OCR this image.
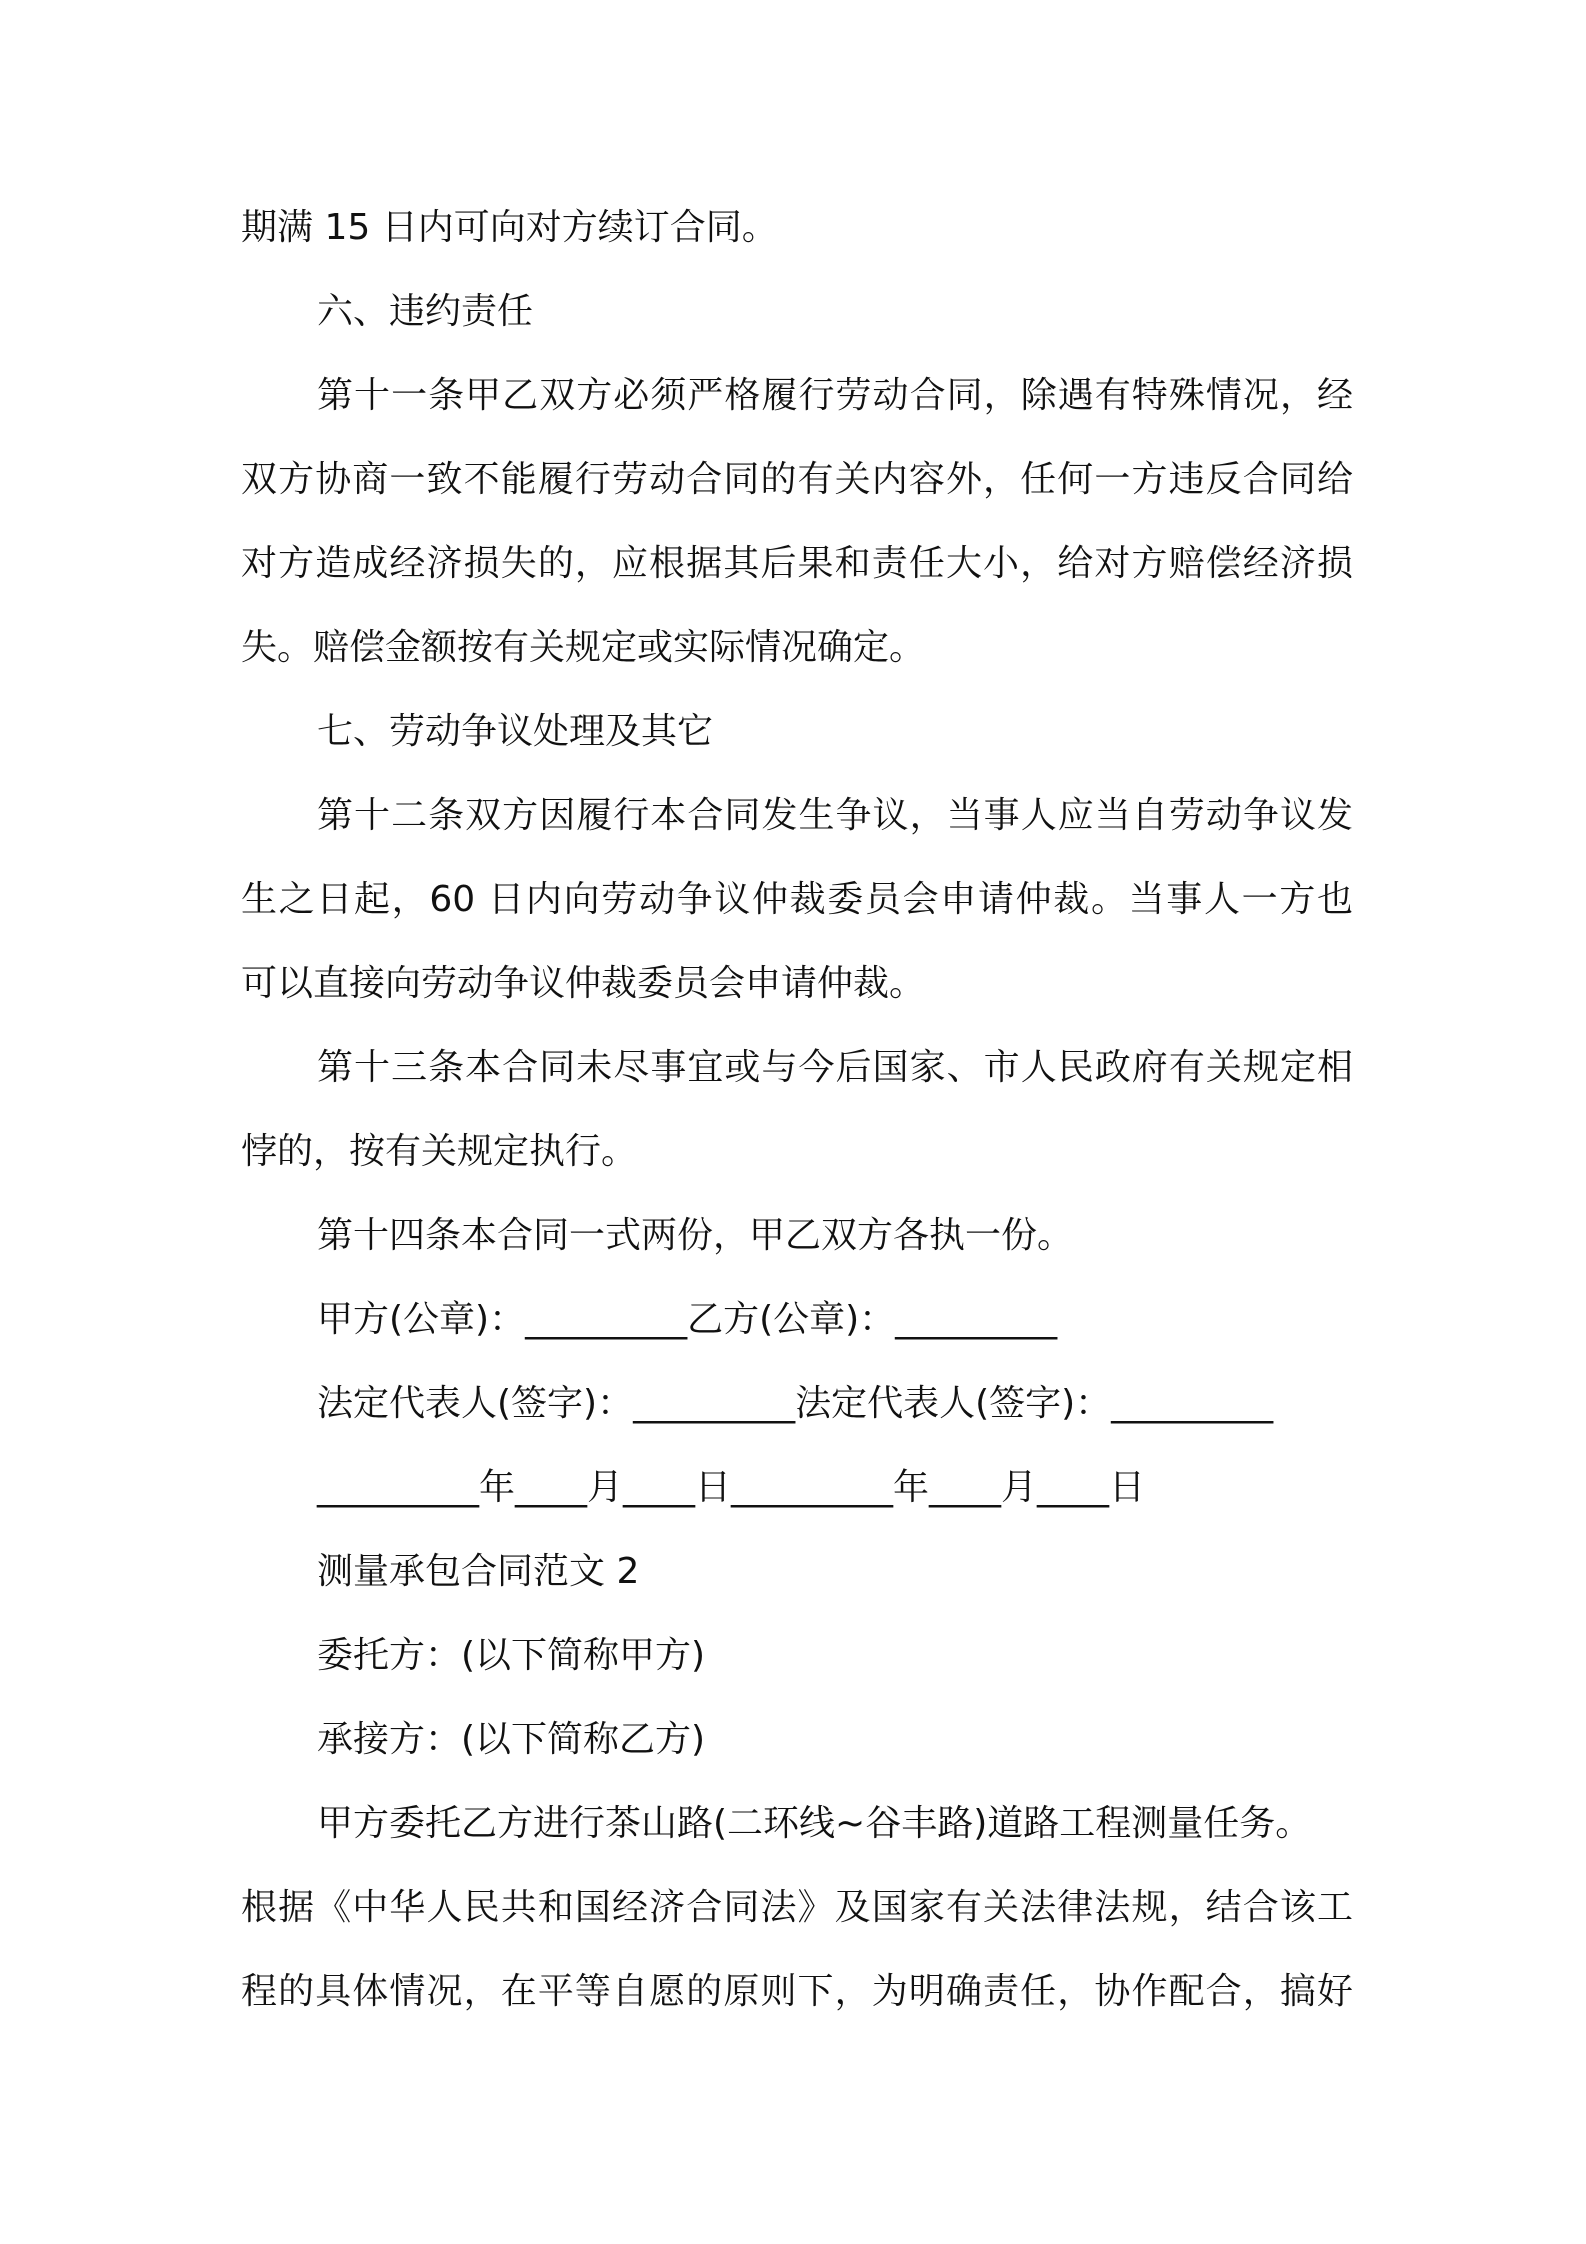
期满 15 日内可向对方续订合同。
六、违约责任
第十一条甲乙双方必须严格履行劳动合同，除遇有特殊情况，经
双方协商一致不能履行劳动合同的有关内容外，任何一方违反合同给
对方造成经济损失的，应根据其后果和责任大小，给对方赔偿经济损
失。赔偿金额按有关规定或实际情况确定。
七、劳动争议处理及其它
第十二条双方因履行本合同发生争议，当事人应当自劳动争议发
生之日起，60 日内向劳动争议仲裁委员会申请仲裁。当事人一方也
可以直接向劳动争议仲裁委员会申请仲裁。
第十三条本合同未尽事宜或与今后国家、市人民政府有关规定相
悖的，按有关规定执行。
第十四条本合同一式两份，甲乙双方各执一份。
甲方(公章)：_________乙方(公章)：_________
法定代表人(签字)：_________法定代表人(签字)：_________
_________年____月____日_________年____月____日
测量承包合同范文 2
委托方：(以下简称甲方)
承接方：(以下简称乙方)
甲方委托乙方进行茶山路(二环线~谷丰路)道路工程测量任务。
根据《中华人民共和国经济合同法》及国家有关法律法规，结合该工
程的具体情况，在平等自愿的原则下，为明确责任，协作配合，搞好
